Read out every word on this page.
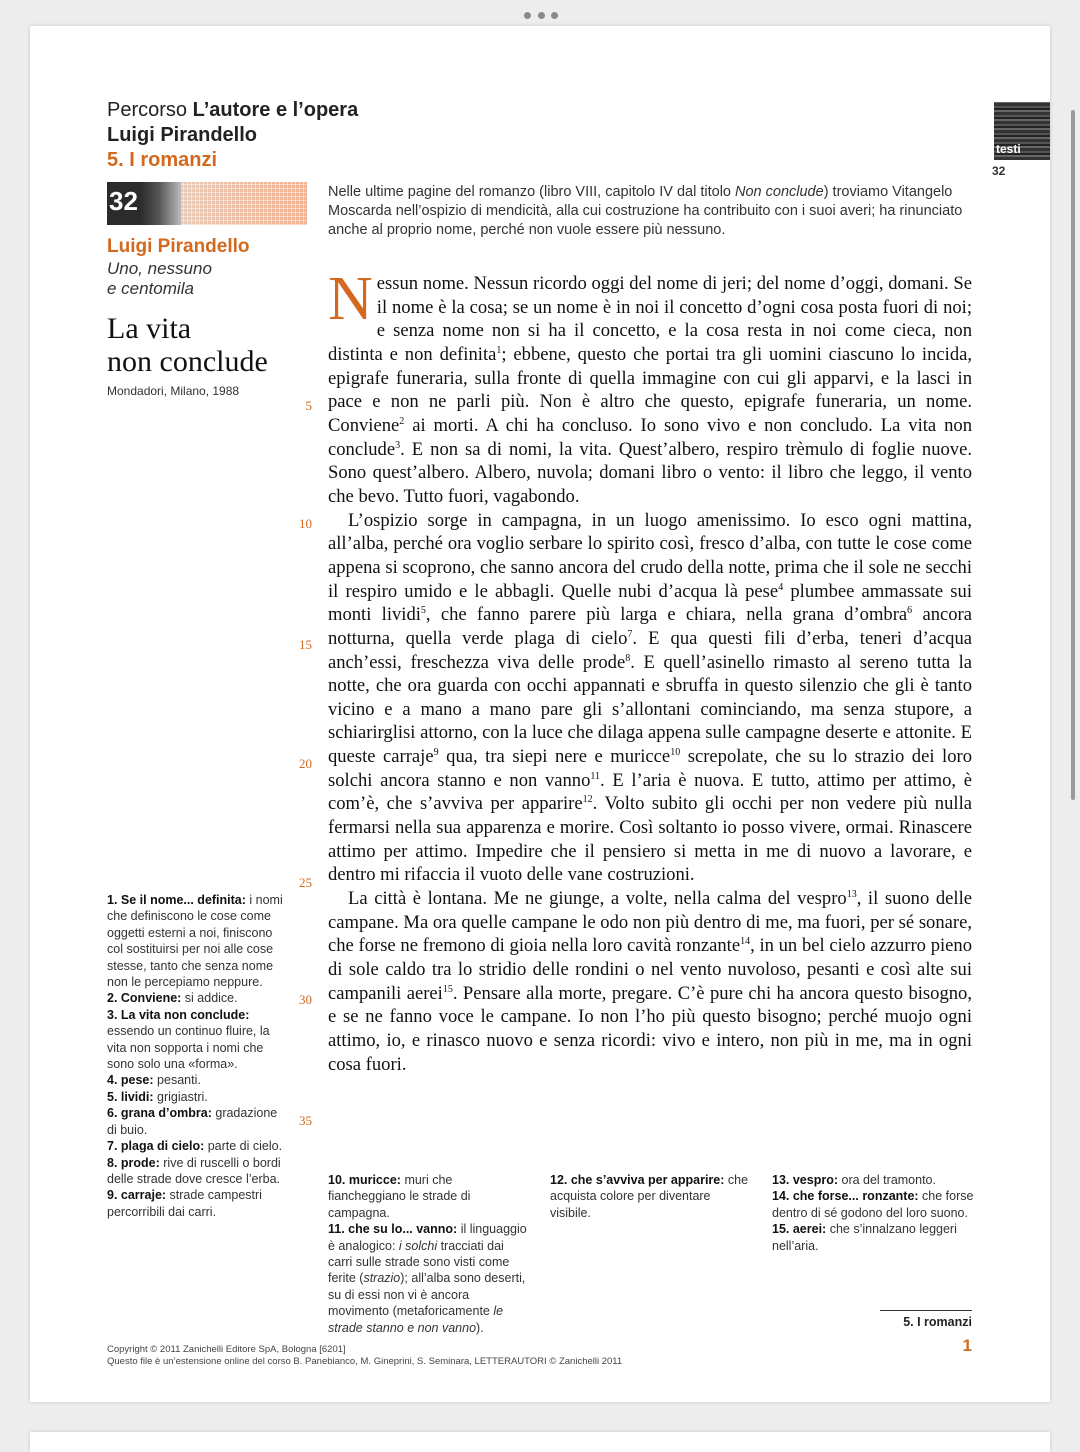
Percorso L’autore e l’opera
Luigi Pirandello
5. I romanzi	testi
32
32
Luigi Pirandello
Uno, nessuno
e centomila
La vita
non conclude
Mondadori, Milano, 1988
Nelle ultime pagine del romanzo (libro VIII, capitolo IV dal titolo Non conclude) troviamo Vitangelo Moscarda nell’ospizio di mendicità, alla cui costruzione ha contribuito con i suoi averi; ha rinunciato anche al proprio nome, perché non vuole essere più nessuno.

Nessun nome. Nessun ricordo oggi del nome di jeri; del nome d’oggi, domani. Se il nome è la cosa; se un nome è in noi il concetto d’ogni cosa posta fuori di noi; e senza nome non si ha il concetto, e la cosa resta in noi come cieca, non distinta e non definita$^1$; ebbene, questo che portai tra gli uomini ciascuno lo incida, epigrafe funeraria, sulla fronte di quella immagine con cui gli apparvi, e la lasci in pace e non ne parli più. Non è altro che questo, epigrafe funeraria, un nome. Conviene$^2$ ai morti. A chi ha concluso. Io sono vivo e non concludo. La vita non conclude$^3$. E non sa di nomi, la vita. Quest’albero, respiro trèmulo di foglie nuove. Sono quest’albero. Albero, nuvola; domani libro o vento: il libro che leggo, il vento che bevo. Tutto fuori, vagabondo.

L’ospizio sorge in campagna, in un luogo amenissimo. Io esco ogni mattina, all’alba, perché ora voglio serbare lo spirito così, fresco d’alba, con tutte le cose come appena si scoprono, che sanno ancora del crudo della notte, prima che il sole ne secchi il respiro umido e le abbagli. Quelle nubi d’acqua là pese$^4$ plumbee ammassate sui monti lividi$^5$, che fanno parere più larga e chiara, nella grana d’ombra$^6$ ancora notturna, quella verde plaga di cielo$^7$. E qua questi fili d’erba, teneri d’acqua anch’essi, freschezza viva delle prode$^8$. E quell’asinello rimasto al sereno tutta la notte, che ora guarda con occhi appannati e sbruffa in questo silenzio che gli è tanto vicino e a mano a mano pare gli s’allontani cominciando, ma senza stupore, a schiarirglisi attorno, con la luce che dilaga appena sulle campagne deserte e attonite. E queste carraje$^9$ qua, tra siepi nere e muricce$^{10}$ screpolate, che su lo strazio dei loro solchi ancora stanno e non vanno$^{11}$. E l’aria è nuova. E tutto, attimo per attimo, è com’è, che s’avviva per apparire$^{12}$. Volto subito gli occhi per non vedere più nulla fermarsi nella sua apparenza e morire. Così soltanto io posso vivere, ormai. Rinascere attimo per attimo. Impedire che il pensiero si metta in me di nuovo a lavorare, e dentro mi rifaccia il vuoto delle vane costruzioni.

La città è lontana. Me ne giunge, a volte, nella calma del vespro$^{13}$, il suono delle campane. Ma ora quelle campane le odo non più dentro di me, ma fuori, per sé sonare, che forse ne fremono di gioia nella loro cavità ronzante$^{14}$, in un bel cielo azzurro pieno di sole caldo tra lo stridio delle rondini o nel vento nuvoloso, pesanti e così alte sui campanili aerei$^{15}$. Pensare alla morte, pregare. C’è pure chi ha ancora questo bisogno, e se ne fanno voce le campane. Io non l’ho più questo bisogno; perché muojo ogni attimo, io, e rinasco nuovo e senza ricordi: vivo e intero, non più in me, ma in ogni cosa fuori.

5
10
15
20
25
30
35

1. Se il nome... definita: i nomi che definiscono le cose come oggetti esterni a noi, finiscono col sostituirsi per noi alle cose stesse, tanto che senza nome non le percepiamo neppure.

2. Conviene: si addice.

3. La vita non conclude: essendo un continuo fluire, la vita non sopporta i nomi che sono solo una «forma».

4. pese: pesanti.

5. lividi: grigiastri.

6. grana d’ombra: gradazione di buio.

7. plaga di cielo: parte di cielo.

8. prode: rive di ruscelli o bordi delle strade dove cresce l’erba.

9. carraje: strade campestri percorribili dai carri.

10. muricce: muri che fiancheggiano le strade di campagna.

11. che su lo... vanno: il linguaggio è analogico: i solchi tracciati dai carri sulle strade sono visti come ferite (strazio); all’alba sono deserti, su di essi non vi è ancora movimento (metaforicamente le strade stanno e non vanno).

12. che s’avviva per apparire: che acquista colore per diventare visibile.

13. vespro: ora del tramonto.

14. che forse... ronzante: che forse dentro di sé godono del loro suono.

15. aerei: che s’innalzano leggeri nell’aria.

5. I romanzi
1
Copyright © 2011 Zanichelli Editore SpA, Bologna [6201]
Questo file è un’estensione online del corso B. Panebianco, M. Gineprini, S. Seminara, LETTERAUTORI © Zanichelli 2011
